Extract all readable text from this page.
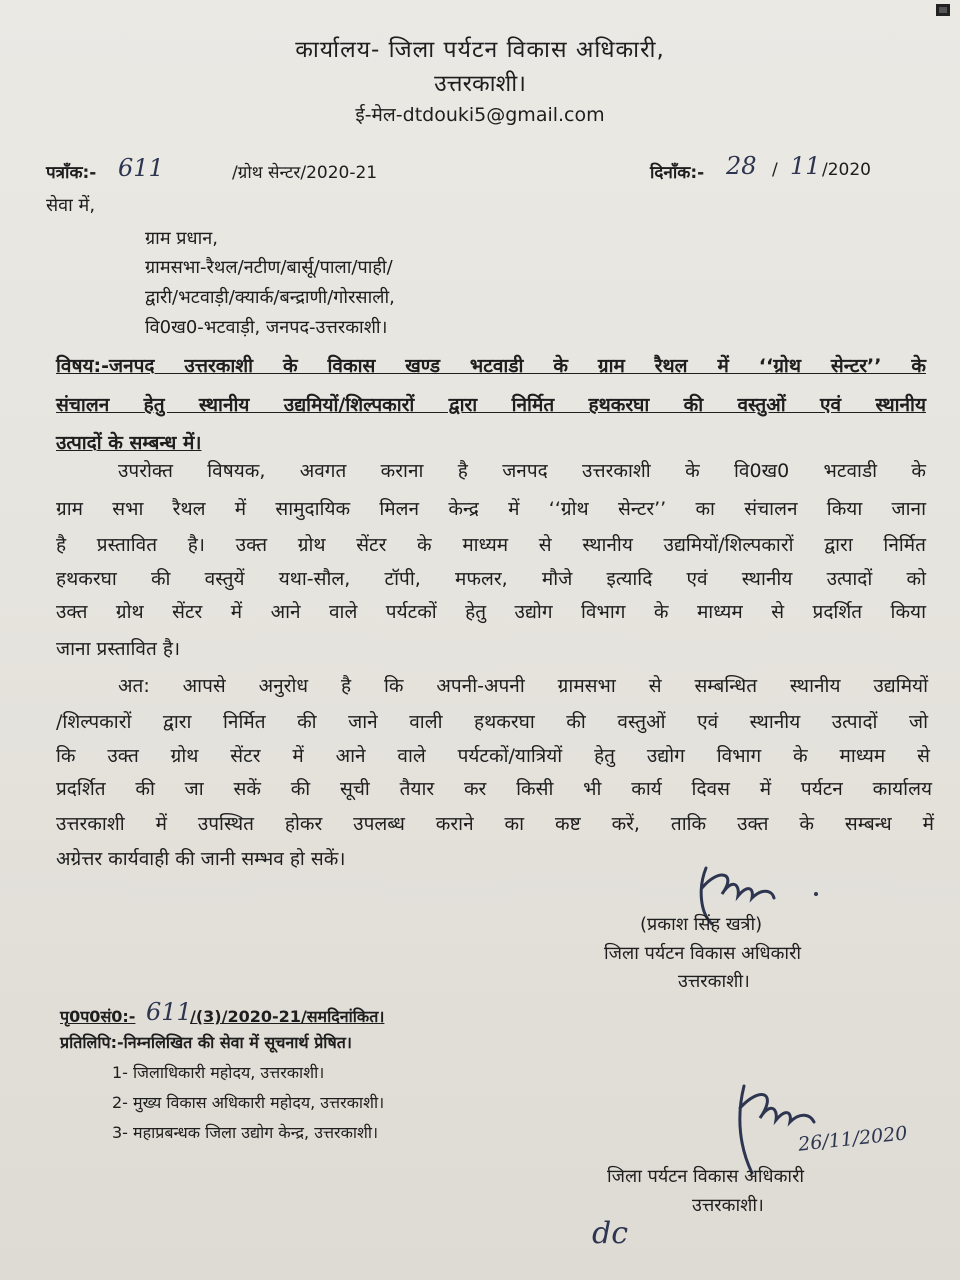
कार्यालय- जिला पर्यटन विकास अधिकारी,
उत्तरकाशी।
ई-मेल-dtdouki5@gmail.com
पत्रॉंक:- 611	/ग्रोथ सेन्टर/2020-21	दिनॉंक:- 28 / 11 /2020
सेवा में,
ग्राम प्रधान,
ग्रामसभा-रैथल/नटीण/बार्सू/पाला/पाही/
द्वारी/भटवाड़ी/क्यार्क/बन्द्राणी/गोरसाली,
वि0ख0-भटवाड़ी, जनपद-उत्तरकाशी।
विषय:-जनपद उत्तरकाशी के विकास खण्ड भटवाडी के ग्राम रैथल में ‘‘ग्रोथ सेन्टर’’ के
संचालन हेतु स्थानीय उद्यमियों/शिल्पकारों द्वारा निर्मित हथकरघा की वस्तुओं एवं स्थानीय
उत्पादों के सम्बन्ध में।
उपरोक्त विषयक, अवगत कराना है जनपद उत्तरकाशी के वि0ख0 भटवाडी के
ग्राम सभा रैथल में सामुदायिक मिलन केन्द्र में ‘‘ग्रोथ सेन्टर’’ का संचालन किया जाना
है प्रस्तावित है। उक्त ग्रोथ सेंटर के माध्यम से स्थानीय उद्यमियों/शिल्पकारों द्वारा निर्मित
हथकरघा की वस्तुयें यथा-सौल, टॉपी, मफलर, मौजे इत्यादि एवं स्थानीय उत्पादों को
उक्त ग्रोथ सेंटर में आने वाले पर्यटकों हेतु उद्योग विभाग के माध्यम से प्रदर्शित किया
जाना प्रस्तावित है।
अत: आपसे अनुरोध है कि अपनी-अपनी ग्रामसभा से सम्बन्धित स्थानीय उद्यमियों
/शिल्पकारों द्वारा निर्मित की जाने वाली हथकरघा की वस्तुओं एवं स्थानीय उत्पादों जो
कि उक्त ग्रोथ सेंटर में आने वाले पर्यटकों/यात्रियों हेतु उद्योग विभाग के माध्यम से
प्रदर्शित की जा सकें की सूची तैयार कर किसी भी कार्य दिवस में पर्यटन कार्यालय
उत्तरकाशी में उपस्थित होकर उपलब्ध कराने का कष्ट करें, ताकि उक्त के सम्बन्ध में
अग्रेत्तर कार्यवाही की जानी सम्भव हो सकें।
(प्रकाश सिंह खत्री)
जिला पर्यटन विकास अधिकारी
उत्तरकाशी।
पृ0प0सं0:- 611
/(3)/2020-21/समदिनांकित।
प्रतिलिपि:-निम्नलिखित की सेवा में सूचनार्थ प्रेषित।
1- जिलाधिकारी महोदय, उत्तरकाशी।
2- मुख्य विकास अधिकारी महोदय, उत्तरकाशी।
3- महाप्रबन्धक जिला उद्योग केन्द्र, उत्तरकाशी।	26/11/2020
जिला पर्यटन विकास अधिकारी
उत्तरकाशी।
dc
